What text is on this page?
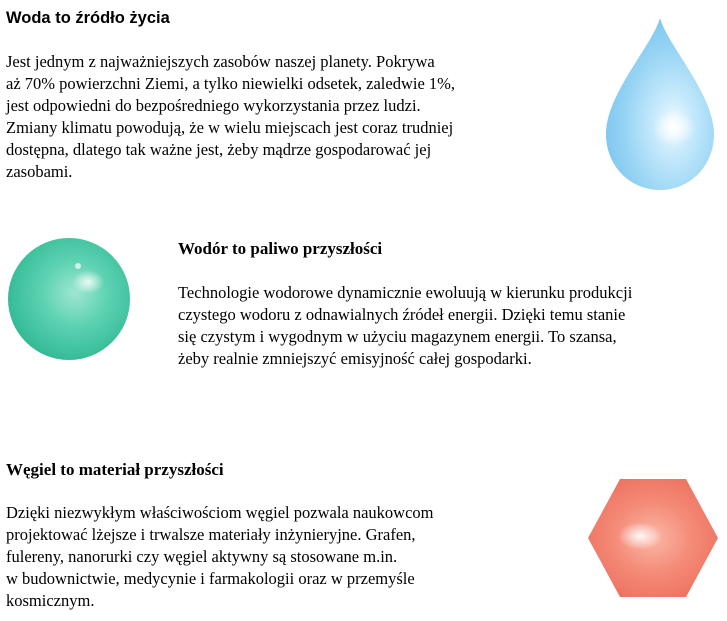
Woda to źródło życia

Jest jednym z najważniejszych zasobów naszej planety. Pokrywa
aż 70% powierzchni Ziemi, a tylko niewielki odsetek, zaledwie 1%,
jest odpowiedni do bezpośredniego wykorzystania przez ludzi.
Zmiany klimatu powodują, że w wielu miejscach jest coraz trudniej
dostępna, dlatego tak ważne jest, żeby mądrze gospodarować jej
zasobami.

Wodór to paliwo przyszłości

Technologie wodorowe dynamicznie ewoluują w kierunku produkcji
czystego wodoru z odnawialnych źródeł energii. Dzięki temu stanie
się czystym i wygodnym w użyciu magazynem energii. To szansa,
żeby realnie zmniejszyć emisyjność całej gospodarki.

Węgiel to materiał przyszłości

Dzięki niezwykłym właściwościom węgiel pozwala naukowcom
projektować lżejsze i trwalsze materiały inżynieryjne. Grafen,
fulereny, nanorurki czy węgiel aktywny są stosowane m.in.
w budownictwie, medycynie i farmakologii oraz w przemyśle
kosmicznym.
